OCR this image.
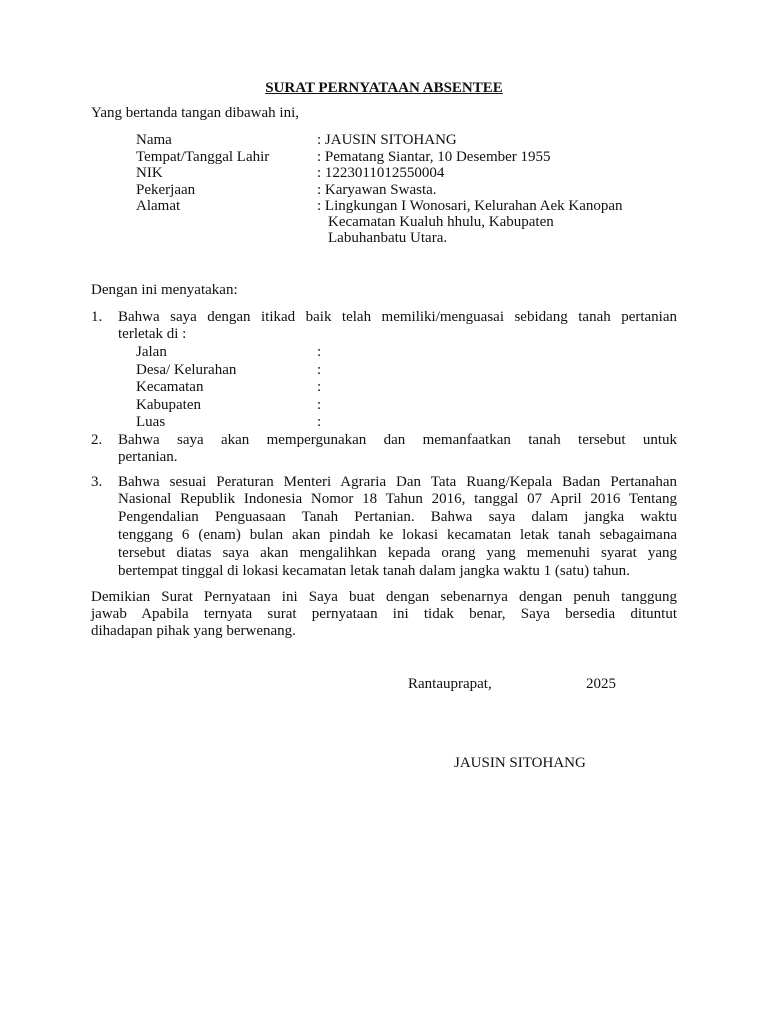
SURAT PERNYATAAN ABSENTEE
Yang bertanda tangan dibawah ini,
Nama	: JAUSIN SITOHANG
Tempat/Tanggal Lahir	: Pematang Siantar, 10 Desember 1955
NIK	: 1223011012550004
Pekerjaan	: Karyawan Swasta.
Alamat	: Lingkungan I Wonosari, Kelurahan Aek Kanopan
Kecamatan Kualuh hhulu, Kabupaten
Labuhanbatu Utara.
Dengan ini menyatakan:
1. Bahwa saya dengan itikad baik telah memiliki/menguasai sebidang tanah pertanian
terletak di :
Jalan	:
Desa/ Kelurahan	:
Kecamatan	:
Kabupaten	:
Luas	:
2. Bahwa saya akan mempergunakan dan memanfaatkan tanah tersebut untuk
pertanian.
3. Bahwa sesuai Peraturan Menteri Agraria Dan Tata Ruang/Kepala Badan Pertanahan
Nasional Republik Indonesia Nomor 18 Tahun 2016, tanggal 07 April 2016 Tentang
Pengendalian Penguasaan Tanah Pertanian. Bahwa saya dalam jangka waktu
tenggang 6 (enam) bulan akan pindah ke lokasi kecamatan letak tanah sebagaimana
tersebut diatas saya akan mengalihkan kepada orang yang memenuhi syarat yang
bertempat tinggal di lokasi kecamatan letak tanah dalam jangka waktu 1 (satu) tahun.
Demikian Surat Pernyataan ini Saya buat dengan sebenarnya dengan penuh tanggung
jawab Apabila ternyata surat pernyataan ini tidak benar, Saya bersedia dituntut
dihadapan pihak yang berwenang.
Rantauprapat,	2025
JAUSIN SITOHANG
